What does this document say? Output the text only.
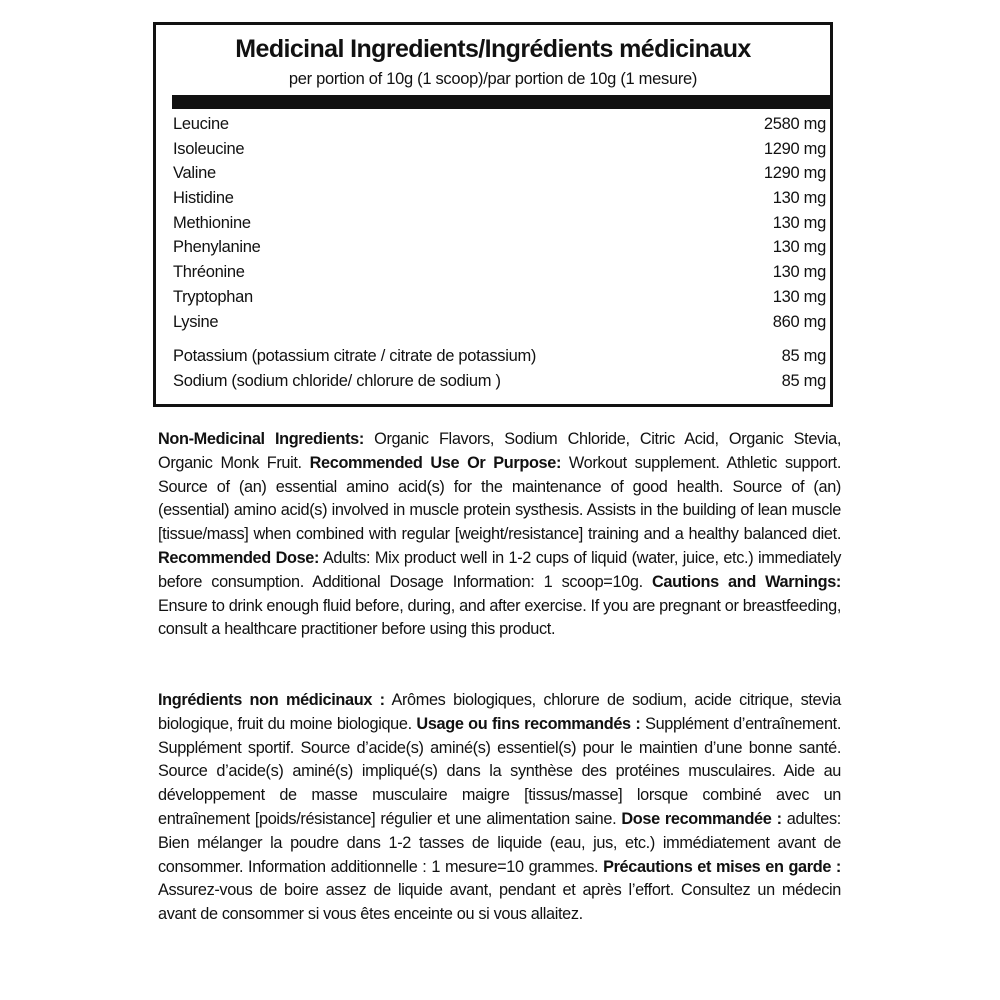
Medicinal Ingredients/Ingrédients médicinaux
per portion of 10g (1 scoop)/par portion de 10g (1 mesure)
Leucine	2580 mg
Isoleucine	1290 mg
Valine	1290 mg
Histidine	130 mg
Methionine	130 mg
Phenylanine	130 mg
Thréonine	130 mg
Tryptophan	130 mg
Lysine	860 mg
Potassium (potassium citrate / citrate de potassium)	85 mg
Sodium (sodium chloride/ chlorure de sodium )	85 mg
Non-Medicinal Ingredients: Organic Flavors, Sodium Chloride, Citric Acid, Organic Stevia, Organic Monk Fruit. Recommended Use Or Purpose: Workout supplement. Athletic support. Source of (an) essential amino acid(s) for the maintenance of good health. Source of (an) (essential) amino acid(s) involved in muscle protein systhesis. Assists in the building of lean muscle [tissue/mass] when combined with regular [weight/resistance] training and a healthy balanced diet. Recommended Dose: Adults: Mix product well in 1-2 cups of liquid (water, juice, etc.) immediately before consumption. Additional Dosage Information: 1 scoop=10g. Cautions and Warnings: Ensure to drink enough fluid before, during, and after exercise. If you are pregnant or breastfeeding, consult a healthcare practitioner before using this product.
Ingrédients non médicinaux : Arômes biologiques, chlorure de sodium, acide citrique, stevia biologique, fruit du moine biologique. Usage ou fins recommandés : Supplément d’entraînement. Supplément sportif. Source d’acide(s) aminé(s) essentiel(s) pour le maintien d’une bonne santé. Source d’acide(s) aminé(s) impliqué(s) dans la synthèse des protéines musculaires. Aide au développement de masse musculaire maigre [tissus/masse] lorsque combiné avec un entraînement [poids/résistance] régulier et une alimentation saine. Dose recommandée : adultes: Bien mélanger la poudre dans 1-2 tasses de liquide (eau, jus, etc.) immédiatement avant de consommer. Information additionnelle : 1 mesure=10 grammes. Précautions et mises en garde : Assurez-vous de boire assez de liquide avant, pendant et après l’effort. Consultez un médecin avant de consommer si vous êtes enceinte ou si vous allaitez.
